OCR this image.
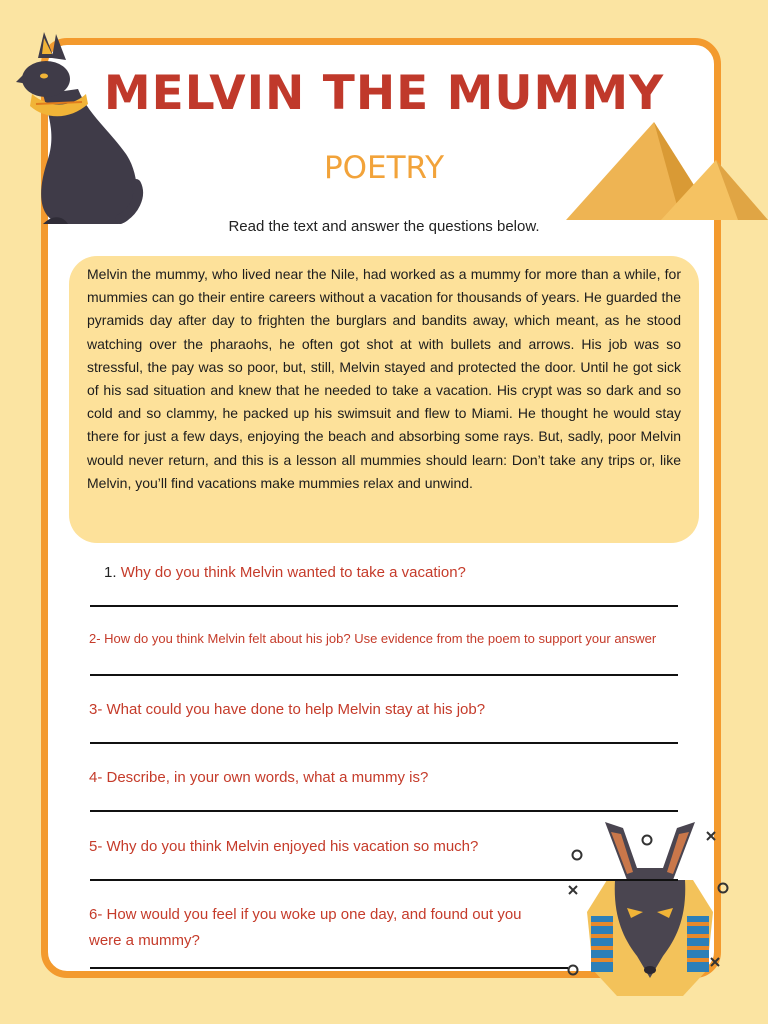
MELVIN THE MUMMY
POETRY
Read the text and answer the questions below.

Melvin the mummy, who lived near the Nile, had worked as a mummy for more than a while, for mummies can go their entire careers without a vacation for thousands of years. He guarded the pyramids day after day to frighten the burglars and bandits away, which meant, as he stood watching over the pharaohs, he often got shot at with bullets and arrows. His job was so stressful, the pay was so poor, but, still, Melvin stayed and protected the door. Until he got sick of his sad situation and knew that he needed to take a vacation. His crypt was so dark and so cold and so clammy, he packed up his swimsuit and flew to Miami. He thought he would stay there for just a few days, enjoying the beach and absorbing some rays. But, sadly, poor Melvin would never return, and this is a lesson all mummies should learn: Don’t take any trips or, like Melvin, you’ll find vacations make mummies relax and unwind.

1. Why do you think Melvin wanted to take a vacation?

2- How do you think Melvin felt about his job? Use evidence from the poem to support your answer

3- What could you have done to help Melvin stay at his job?

4- Describe, in your own words, what a mummy is?

5- Why do you think Melvin enjoyed his vacation so much?

6- How would you feel if you woke up one day, and found out you were a mummy?
